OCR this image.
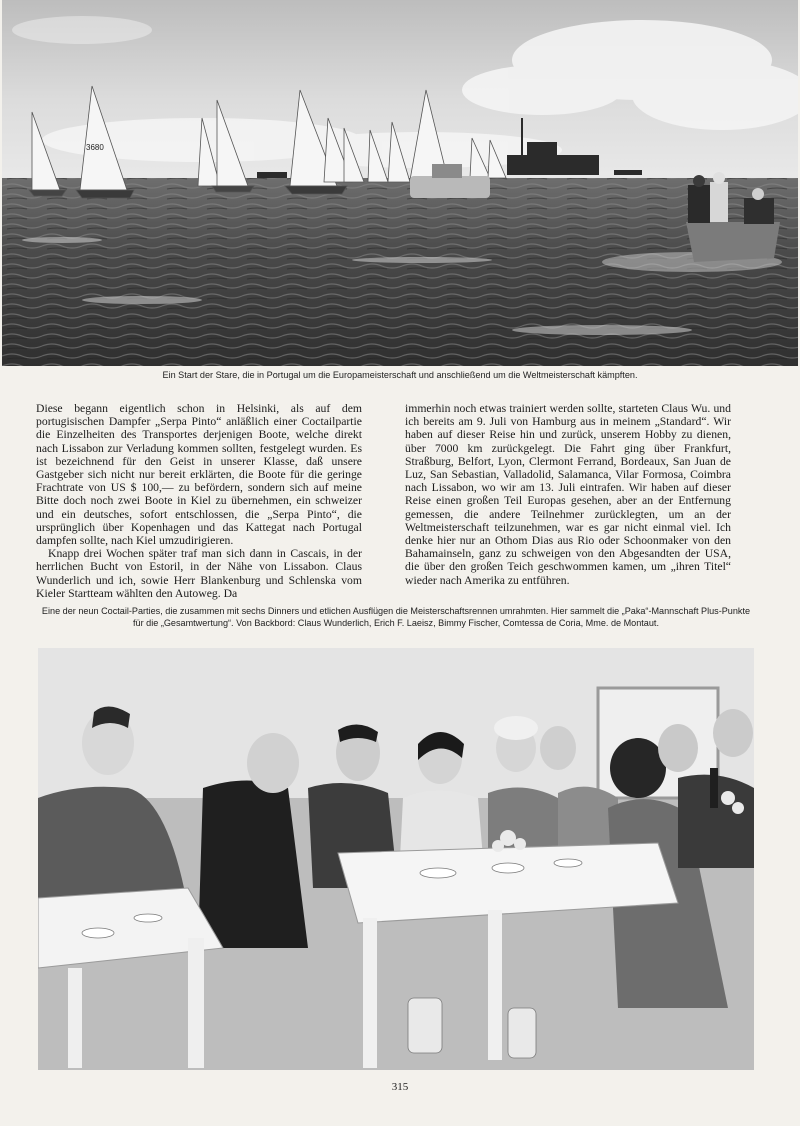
3680

Ein Start der Stare, die in Portugal um die Europameisterschaft und anschließend um die Weltmeisterschaft kämpften.

Diese begann eigentlich schon in Helsinki, als auf dem portugisischen Dampfer „Serpa Pinto“ anläßlich einer Coctailpartie die Einzelheiten des Transportes derjenigen Boote, welche direkt nach Lissabon zur Verladung kommen sollten, festgelegt wurden. Es ist bezeichnend für den Geist in unserer Klasse, daß unsere Gastgeber sich nicht nur bereit erklärten, die Boote für die geringe Frachtrate von US $ 100,— zu befördern, sondern sich auf meine Bitte doch noch zwei Boote in Kiel zu übernehmen, ein schweizer und ein deutsches, sofort entschlossen, die „Serpa Pinto“, die ursprünglich über Kopenhagen und das Kattegat nach Portugal dampfen sollte, nach Kiel umzudirigieren.

Knapp drei Wochen später traf man sich dann in Cascais, in der herrlichen Bucht von Estoril, in der Nähe von Lissabon. Claus Wunderlich und ich, sowie Herr Blankenburg und Schlenska vom Kieler Startteam wählten den Autoweg. Da

immerhin noch etwas trainiert werden sollte, starteten Claus Wu. und ich bereits am 9. Juli von Hamburg aus in meinem „Standard“. Wir haben auf dieser Reise hin und zurück, unserem Hobby zu dienen, über 7000 km zurückgelegt. Die Fahrt ging über Frankfurt, Straßburg, Belfort, Lyon, Clermont Ferrand, Bordeaux, San Juan de Luz, San Sebastian, Valladolid, Salamanca, Vilar Formosa, Coimbra nach Lissabon, wo wir am 13. Juli eintrafen. Wir haben auf dieser Reise einen großen Teil Europas gesehen, aber an der Entfernung gemessen, die andere Teilnehmer zurücklegten, um an der Weltmeisterschaft teilzunehmen, war es gar nicht einmal viel. Ich denke hier nur an Othom Dias aus Rio oder Schoonmaker von den Bahamainseln, ganz zu schweigen von den Abgesandten der USA, die über den großen Teich geschwommen kamen, um „ihren Titel“ wieder nach Amerika zu entführen.

Eine der neun Coctail-Parties, die zusammen mit sechs Dinners und etlichen Ausflügen die Meisterschaftsrennen umrahmten. Hier sammelt die „Paka“-Mannschaft Plus-Punkte für die „Gesamtwertung“. Von Backbord: Claus Wunderlich, Erich F. Laeisz, Bimmy Fischer, Comtessa de Coria, Mme. de Montaut.

315
